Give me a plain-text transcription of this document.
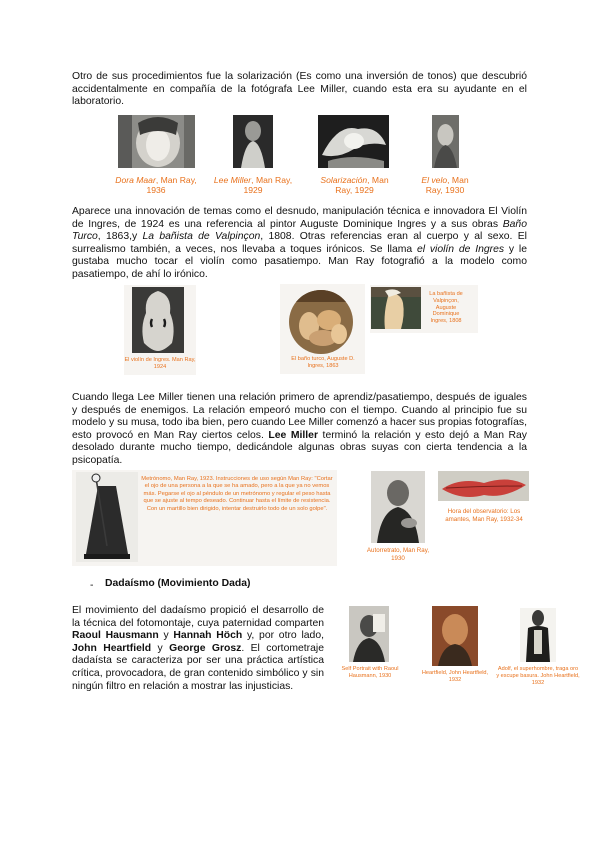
Otro de sus procedimientos fue la solarización (Es como una inversión de tonos) que descubrió accidentalmente en compañía de la fotógrafa Lee Miller, cuando esta era su ayudante en el laboratorio.

Dora Maar, Man Ray, 1936
Lee Miller, Man Ray, 1929
Solarización, Man Ray, 1929
El velo, Man Ray, 1930

Aparece una innovación de temas como el desnudo, manipulación técnica e innovadora El Violín de Ingres, de 1924 es una referencia al pintor Auguste Dominique Ingres y a sus obras Baño Turco, 1863,y La bañista de Valpinçon, 1808. Otras referencias eran al cuerpo y al sexo. El surrealismo también, a veces, nos llevaba a toques irónicos. Se llama el violín de Ingres y le gustaba mucho tocar el violín como pasatiempo. Man Ray fotografió a la modelo como pasatiempo, de ahí lo irónico.

El violín de Ingres. Man Ray, 1924
El baño turco, Auguste D. Ingres, 1863
La bañista de Valpinçon, Auguste Dominique Ingres, 1808

Cuando llega Lee Miller tienen una relación primero de aprendiz/pasatiempo, después de iguales y después de enemigos. La relación empeoró mucho con el tiempo. Cuando al principio fue su modelo y su musa, todo iba bien, pero cuando Lee Miller comenzó a hacer sus propias fotografías, esto provocó en Man Ray ciertos celos. Lee Miller terminó la relación y esto dejó a Man Ray desolado durante mucho tiempo, dedicándole algunas obras suyas con cierta tendencia a la psicopatía.

Metrónomo, Man Ray, 1923. Instrucciones de uso según Man Ray: "Cortar el ojo de una persona a la que se ha amado, pero a la que ya no vemos más. Pegarse el ojo al péndulo de un metrónomo y regular el peso hasta que se ajuste al tempo deseado. Continuar hasta el límite de resistencia. Con un martillo bien dirigido, intentar destruirlo todo de un solo golpe".
Autorretrato, Man Ray, 1930
Hora del observatorio: Los amantes, Man Ray, 1932-34
- Dadaísmo (Movimiento Dada)

El movimiento del dadaísmo propició el desarrollo de la técnica del fotomontaje, cuya paternidad comparten Raoul Hausmann y Hannah Höch y, por otro lado, John Heartfield y George Grosz. El cortometraje dadaísta se caracteriza por ser una práctica artística crítica, provocadora, de gran contenido simbólico y sin ningún filtro en relación a mostrar las injusticias.

Self Portrait with Raoul Hausmann, 1930	Heartfield, John Heartfield, 1932
Adolf, el superhombre, traga oro y escupe basura. John Heartfield, 1932
